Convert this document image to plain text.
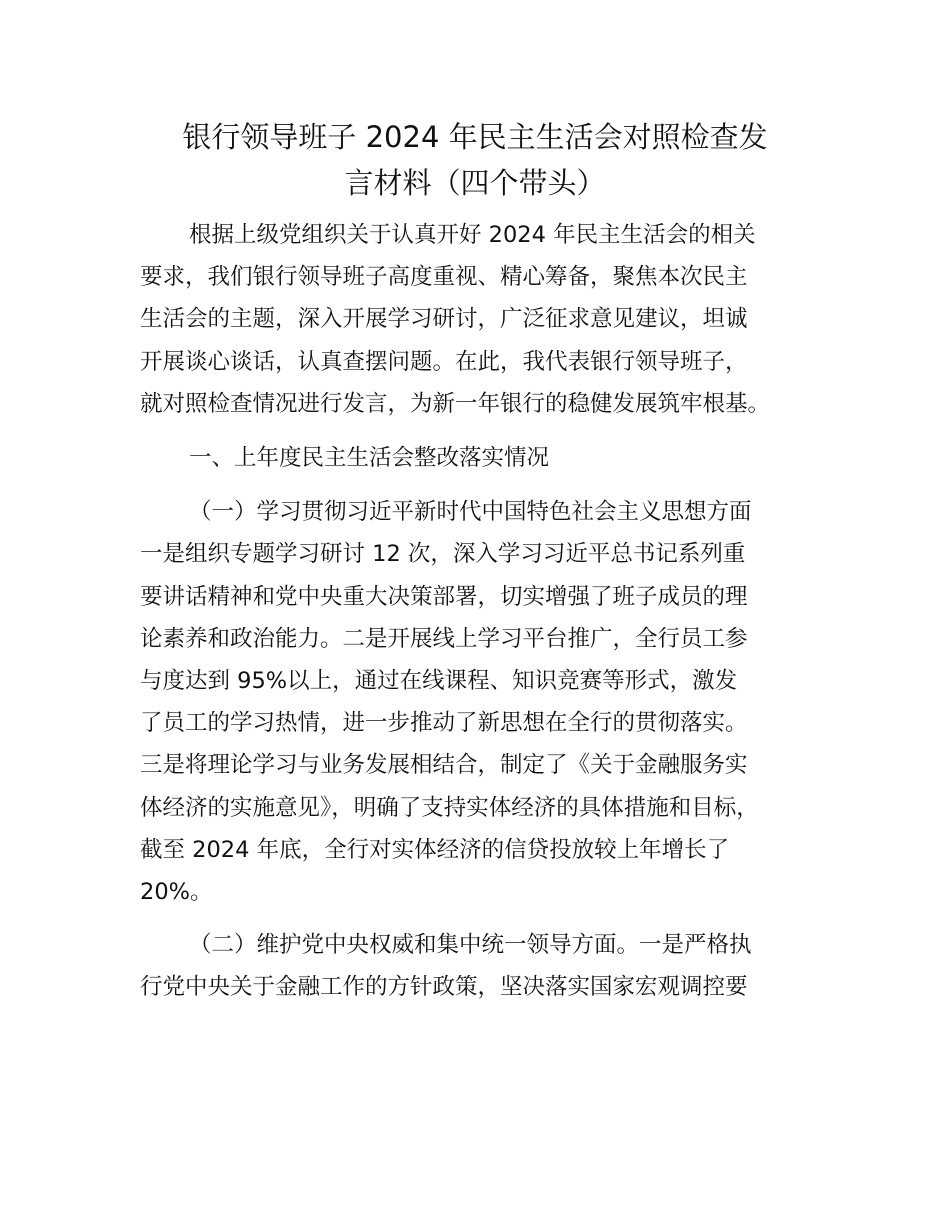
银行领导班子 2024 年民主生活会对照检查发
言材料（四个带头）

根据上级党组织关于认真开好 2024 年民主生活会的相关
要求，我们银行领导班子高度重视、精心筹备，聚焦本次民主
生活会的主题，深入开展学习研讨，广泛征求意见建议，坦诚
开展谈心谈话，认真查摆问题。在此，我代表银行领导班子，
就对照检查情况进行发言，为新一年银行的稳健发展筑牢根基。

一、上年度民主生活会整改落实情况

（一）学习贯彻习近平新时代中国特色社会主义思想方面
一是组织专题学习研讨 12 次，深入学习习近平总书记系列重
要讲话精神和党中央重大决策部署，切实增强了班子成员的理
论素养和政治能力。二是开展线上学习平台推广，全行员工参
与度达到 95%以上，通过在线课程、知识竞赛等形式，激发
了员工的学习热情，进一步推动了新思想在全行的贯彻落实。
三是将理论学习与业务发展相结合，制定了《关于金融服务实
体经济的实施意见》，明确了支持实体经济的具体措施和目标，
截至 2024 年底，全行对实体经济的信贷投放较上年增长了
20%。

（二）维护党中央权威和集中统一领导方面。一是严格执
行党中央关于金融工作的方针政策，坚决落实国家宏观调控要
